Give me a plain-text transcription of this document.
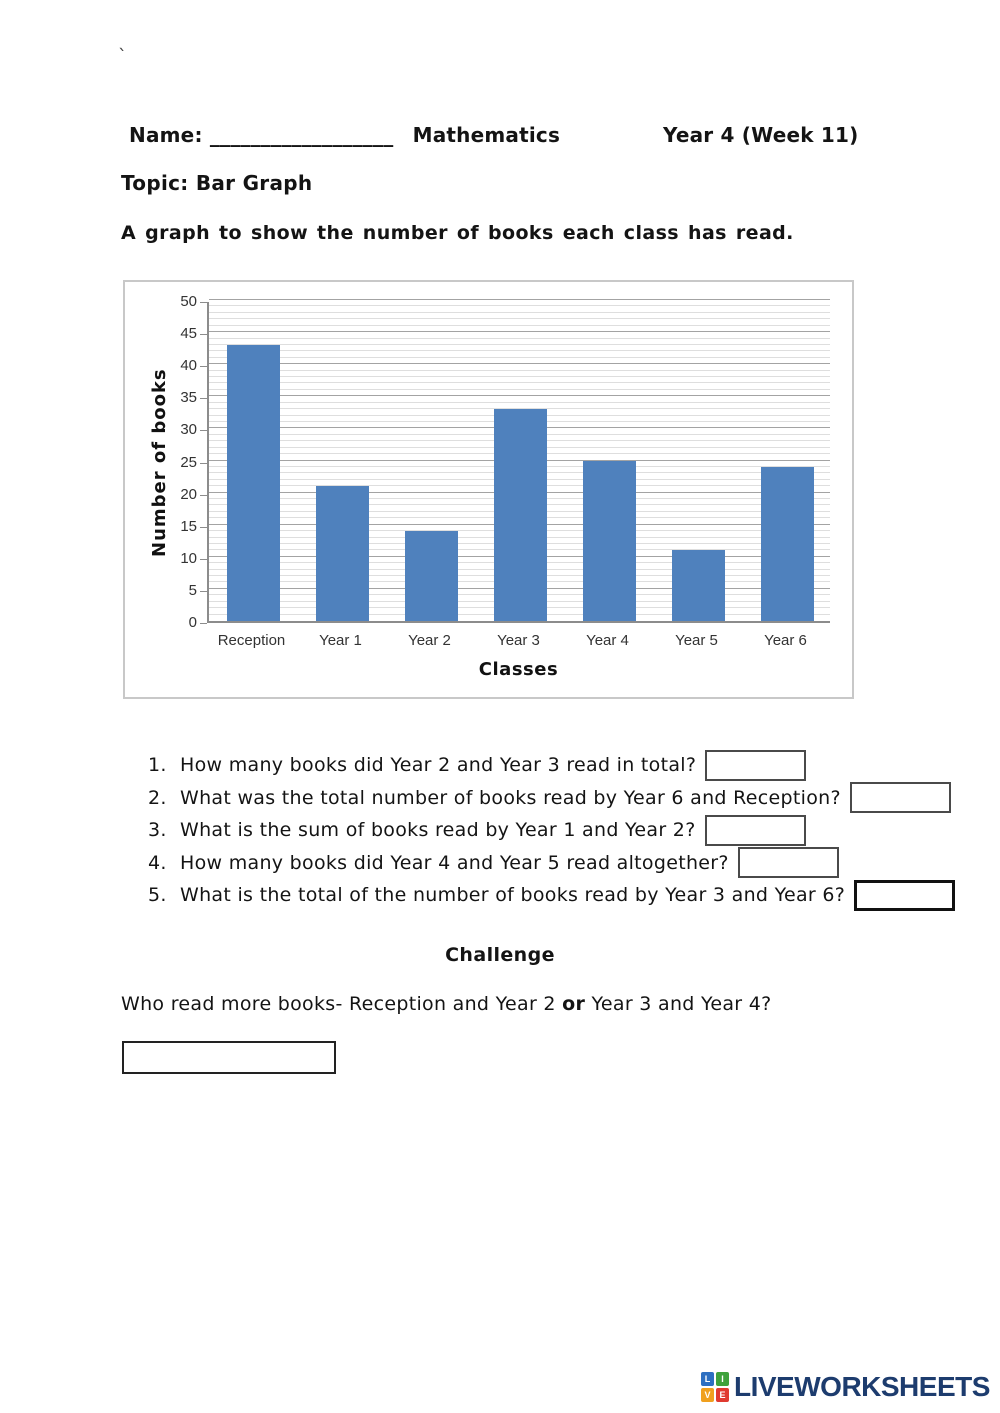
`
Name: __________________ Mathematics	Year 4 (Week 11)
Topic: Bar Graph
A graph to show the number of books each class has read.
Number of books
0
5
10
15
20
25
30
35
40
45
50
Reception	Year 1	Year 2	Year 3	Year 4	Year 5	Year 6
Classes
1. How many books did Year 2 and Year 3 read in total?
2. What was the total number of books read by Year 6 and Reception?
3. What is the sum of books read by Year 1 and Year 2?
4. How many books did Year 4 and Year 5 read altogether?
5. What is the total of the number of books read by Year 3 and Year 6?
Challenge
Who read more books- Reception and Year 2 or Year 3 and Year 4?
L	I
V E LIVEWORKSHEETS
